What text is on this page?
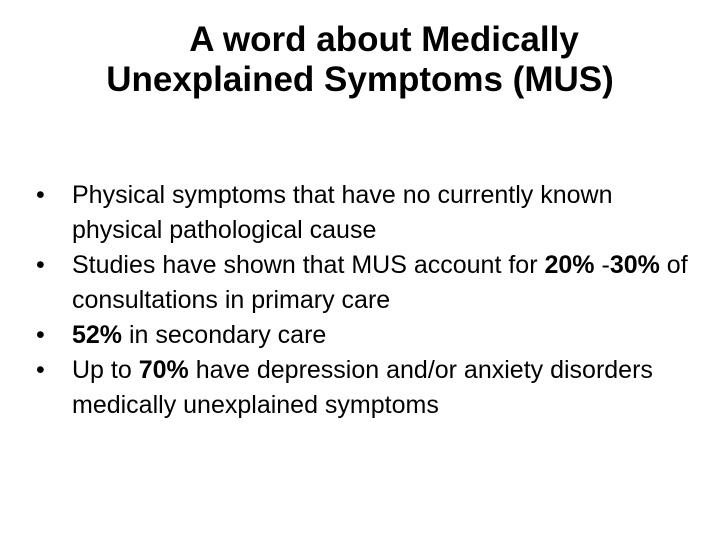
A word about Medically
Unexplained Symptoms (MUS)
•	Physical symptoms that have no currently known physical pathological cause
•	Studies have shown that MUS account for 20% -30% of consultations in primary care
•	52% in secondary care
•	Up to 70% have depression and/or anxiety disorders medically unexplained symptoms
